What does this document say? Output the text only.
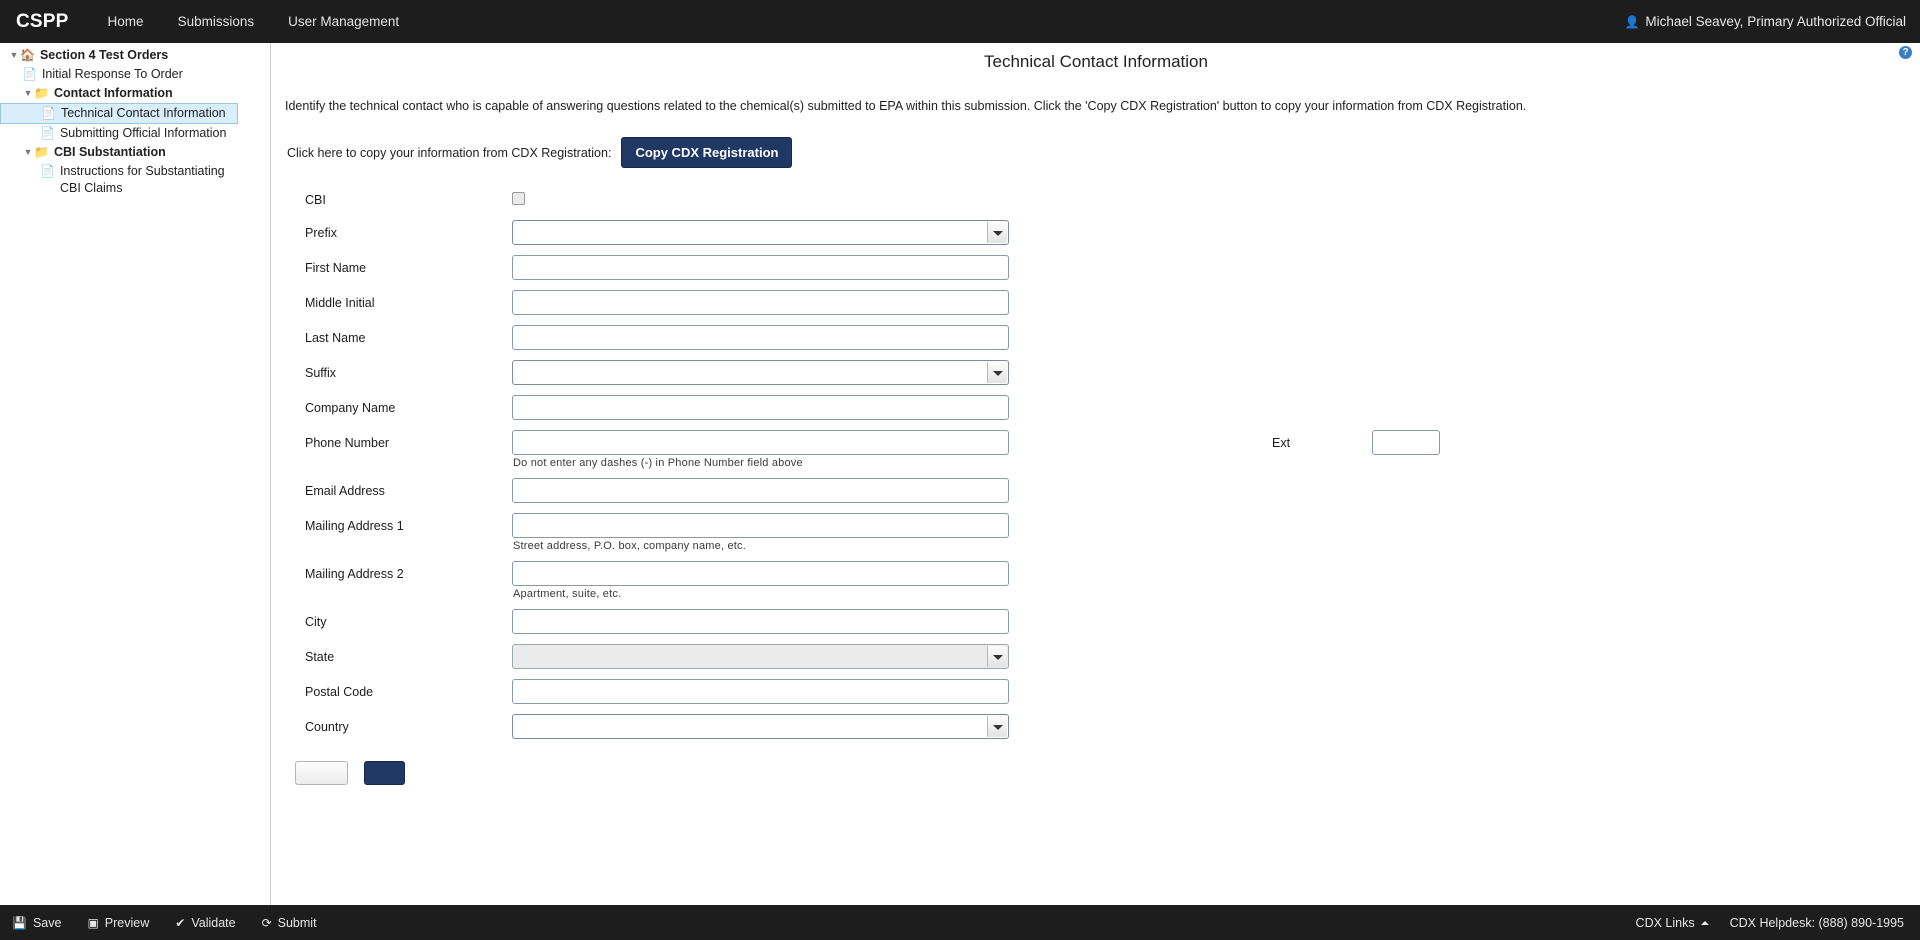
CSPP	Home	Submissions	User Management	👤 Michael Seavey, Primary Authorized Official
▼ 🏠 Section 4 Test Orders
📄 Initial Response To Order
▼ 📁 Contact Information
📄 Technical Contact Information
📄 Submitting Official Information
▼ 📁 CBI Substantiation
📄 Instructions for Substantiating CBI Claims
?
Technical Contact Information
Identify the technical contact who is capable of answering questions related to the chemical(s) submitted to EPA within this submission. Click the 'Copy CDX Registration' button to copy your information from CDX Registration.
Click here to copy your information from CDX Registration:	Copy CDX Registration
CBI
Prefix
First Name
Middle Initial
Last Name
Suffix
Company Name
Phone Number
Do not enter any dashes (-) in Phone Number field above
Ext
Email Address
Mailing Address 1
Street address, P.O. box, company name, etc.
Mailing Address 2
Apartment, suite, etc.
City
State
Postal Code
Country
💾 Save ▣ Preview ✔ Validate ⟳ Submit	CDX Links	CDX Helpdesk: (888) 890-1995
